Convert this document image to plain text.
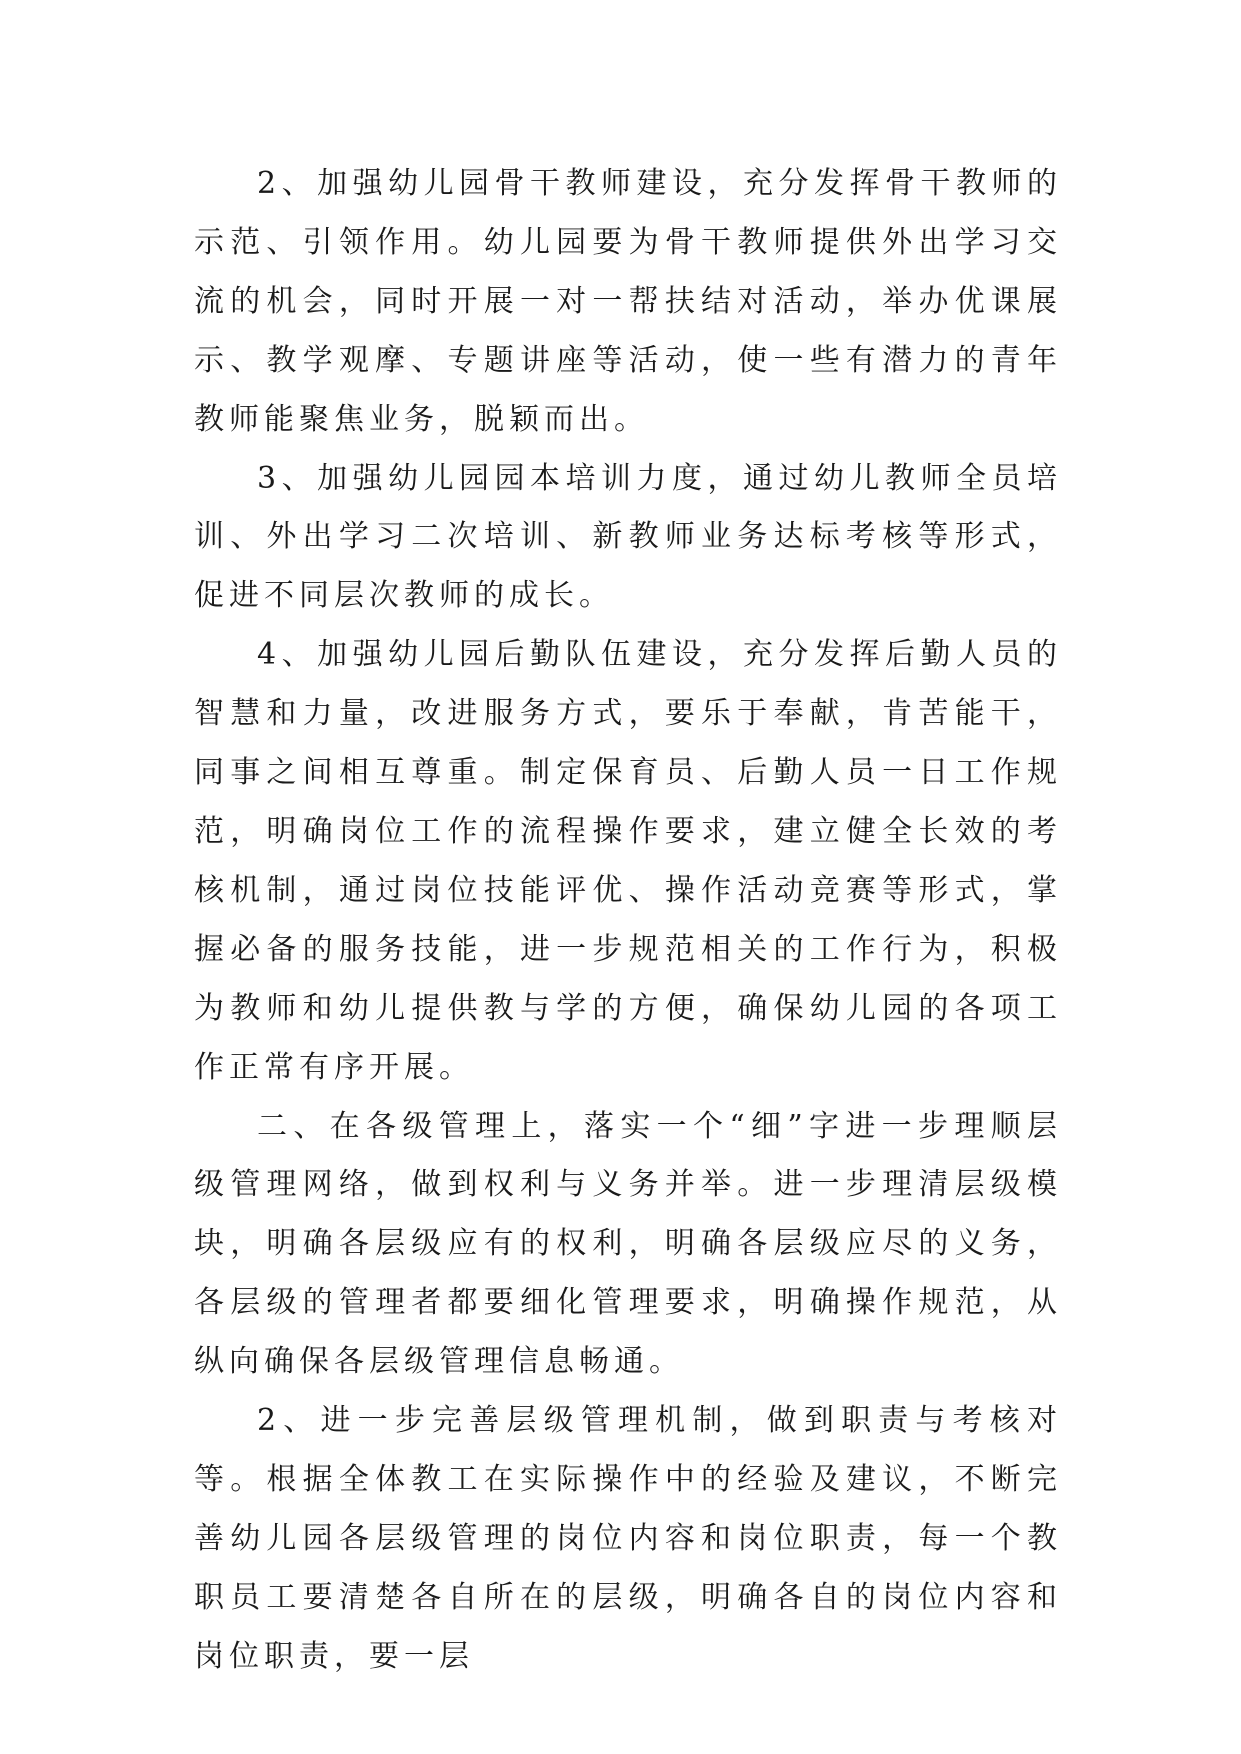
2、加强幼儿园骨干教师建设，充分发挥骨干教师的示范、引领作用。幼儿园要为骨干教师提供外出学习交流的机会，同时开展一对一帮扶结对活动，举办优课展示、教学观摩、专题讲座等活动，使一些有潜力的青年教师能聚焦业务，脱颖而出。

3、加强幼儿园园本培训力度，通过幼儿教师全员培训、外出学习二次培训、新教师业务达标考核等形式，促进不同层次教师的成长。

4、加强幼儿园后勤队伍建设，充分发挥后勤人员的智慧和力量，改进服务方式，要乐于奉献，肯苦能干，同事之间相互尊重。制定保育员、后勤人员一日工作规范，明确岗位工作的流程操作要求，建立健全长效的考核机制，通过岗位技能评优、操作活动竞赛等形式，掌握必备的服务技能，进一步规范相关的工作行为，积极为教师和幼儿提供教与学的方便，确保幼儿园的各项工作正常有序开展。

二、在各级管理上，落实一个“细”字进一步理顺层级管理网络，做到权利与义务并举。进一步理清层级模块，明确各层级应有的权利，明确各层级应尽的义务，各层级的管理者都要细化管理要求，明确操作规范，从纵向确保各层级管理信息畅通。

2、进一步完善层级管理机制，做到职责与考核对等。根据全体教工在实际操作中的经验及建议，不断完善幼儿园各层级管理的岗位内容和岗位职责，每一个教职员工要清楚各自所在的层级，明确各自的岗位内容和岗位职责，要一层
